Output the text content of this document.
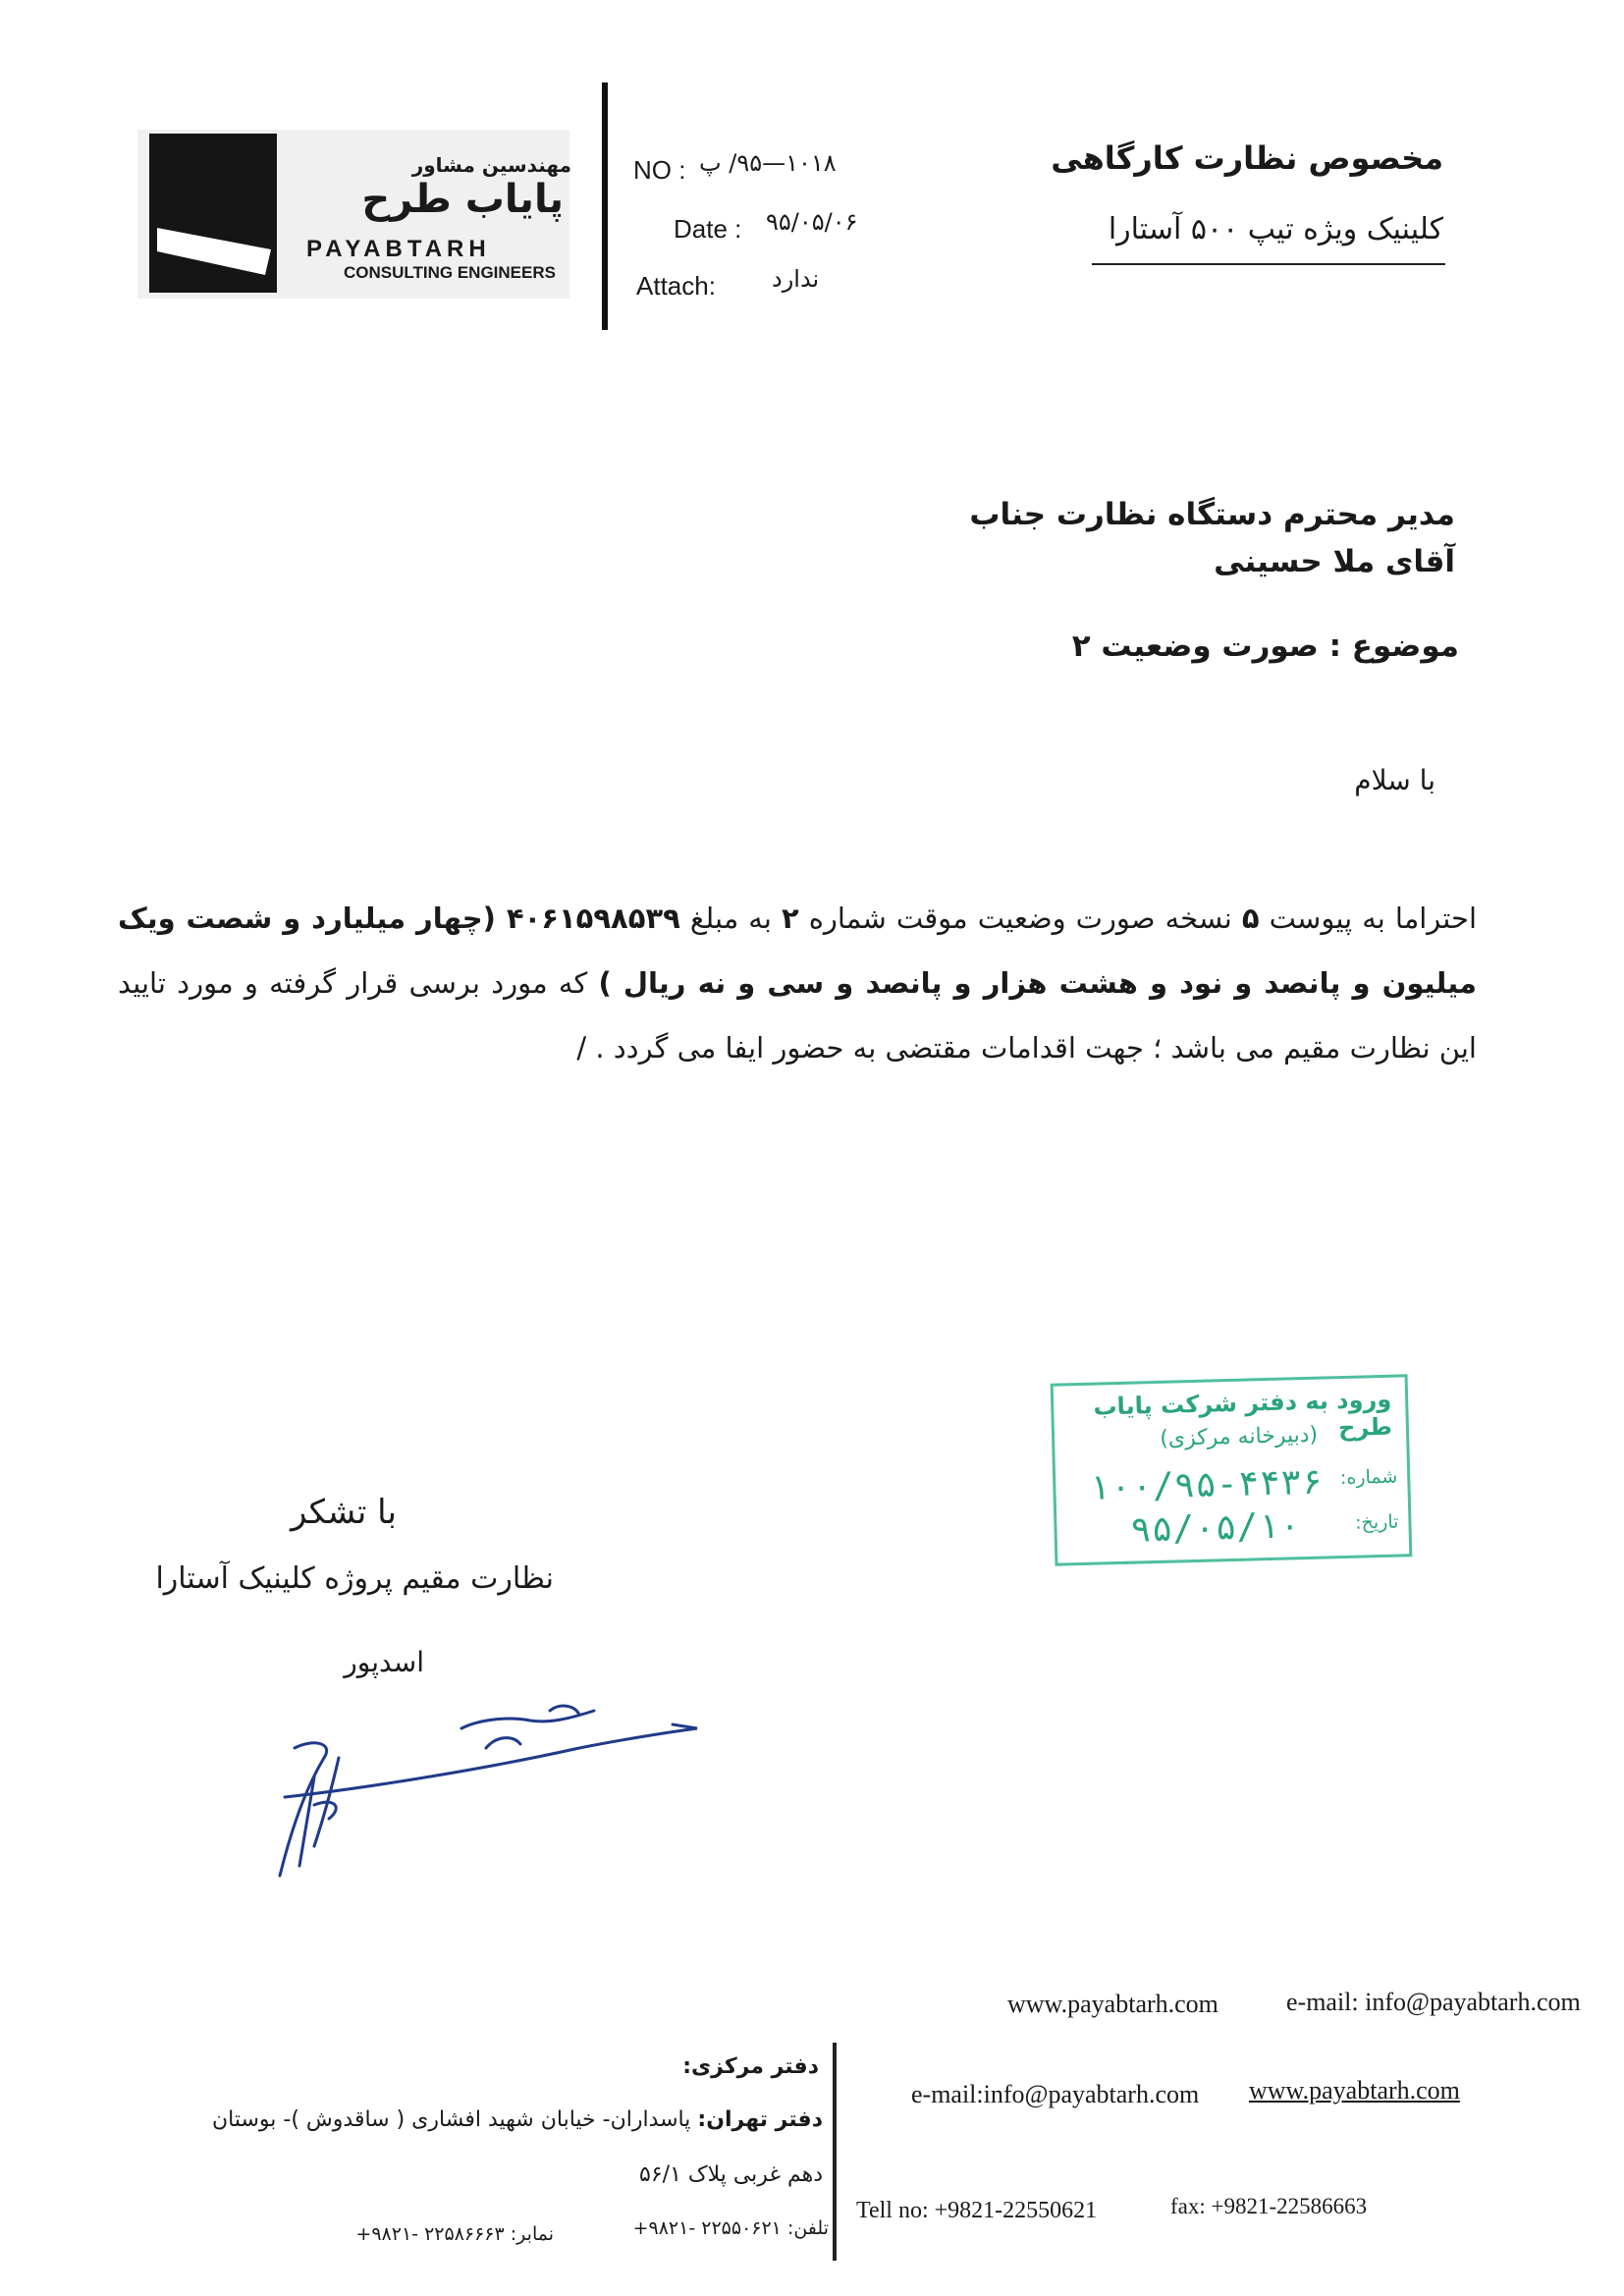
مهندسین مشاور
پایاب طرح
PAYABTARH
CONSULTING ENGINEERS
NO : ۱۰۱۸—۹۵/ پ
Date : ۹۵/۰۵/۰۶
Attach: ندارد
مخصوص نظارت کارگاهی
کلینیک ویژه تیپ ۵۰۰ آستارا
مدیر محترم دستگاه نظارت جناب آقای ملا حسینی
موضوع : صورت وضعیت ۲
با سلام
احتراما به پیوست ۵ نسخه صورت وضعیت موقت شماره ۲ به مبلغ ۴۰۶۱۵۹۸۵۳۹ (چهار میلیارد و شصت ویک میلیون و پانصد و نود و هشت هزار و پانصد و سی و نه ریال ) که مورد برسی قرار گرفته و مورد تایید این نظارت مقیم می باشد ؛ جهت اقدامات مقتضی به حضور ایفا می گردد . /
ورود به دفتر شرکت پایاب طرح
(دبیرخانه مرکزی)
شماره:
۱۰۰/۹۵-۴۴۳۶
تاریخ:
۹۵/۰۵/۱۰
با تشکر
نظارت مقیم پروژه کلینیک آستارا
اسدپور
www.payabtarh.com	e-mail: info@payabtarh.com
e-mail:info@payabtarh.com www.payabtarh.com
Tell no: +9821-22550621	fax: +9821-22586663
دفتر مرکزی:
دفتر تهران: پاسداران- خیابان شهید افشاری ( ساقدوش )- بوستان
دهم غربی پلاک ۵۶/۱
تلفن: ۲۲۵۵۰۶۲۱ -۹۸۲۱+
نمابر: ۲۲۵۸۶۶۶۳ -۹۸۲۱+
